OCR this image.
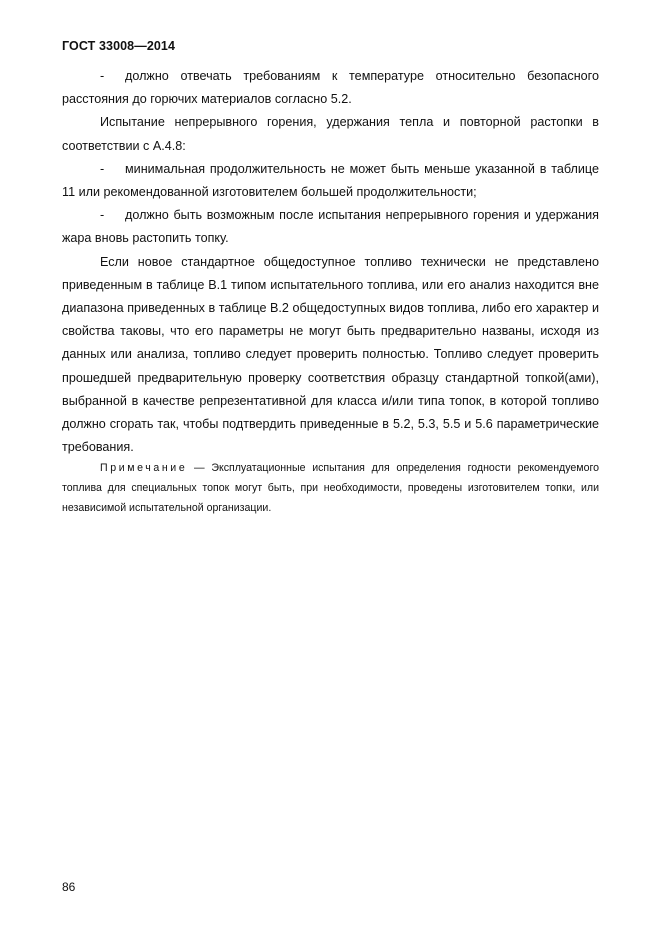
ГОСТ 33008—2014

- должно отвечать требованиям к температуре относительно безопасного расстояния до горючих материалов согласно 5.2.

Испытание непрерывного горения, удержания тепла и повторной растопки в соответствии с А.4.8:

- минимальная продолжительность не может быть меньше указанной в таблице 11 или рекомендованной изготовителем большей продолжительности;

- должно быть возможным после испытания непрерывного горения и удержания жара вновь растопить топку.

Если новое стандартное общедоступное топливо технически не представлено приведенным в таблице В.1 типом испытательного топлива, или его анализ находится вне диапазона приведенных в таблице В.2 общедоступных видов топлива, либо его характер и свойства таковы, что его параметры не могут быть предварительно названы, исходя из данных или анализа, топливо следует проверить полностью. Топливо следует проверить прошедшей предварительную проверку соответствия образцу стандартной топкой(ами), выбранной в качестве репрезентативной для класса и/или типа топок, в которой топливо должно сгорать так, чтобы подтвердить приведенные в 5.2, 5.3, 5.5 и 5.6 параметрические требования.

Примечание — Эксплуатационные испытания для определения годности рекомендуемого топлива для специальных топок могут быть, при необходимости, проведены изготовителем топки, или независимой испытательной организации.

86
